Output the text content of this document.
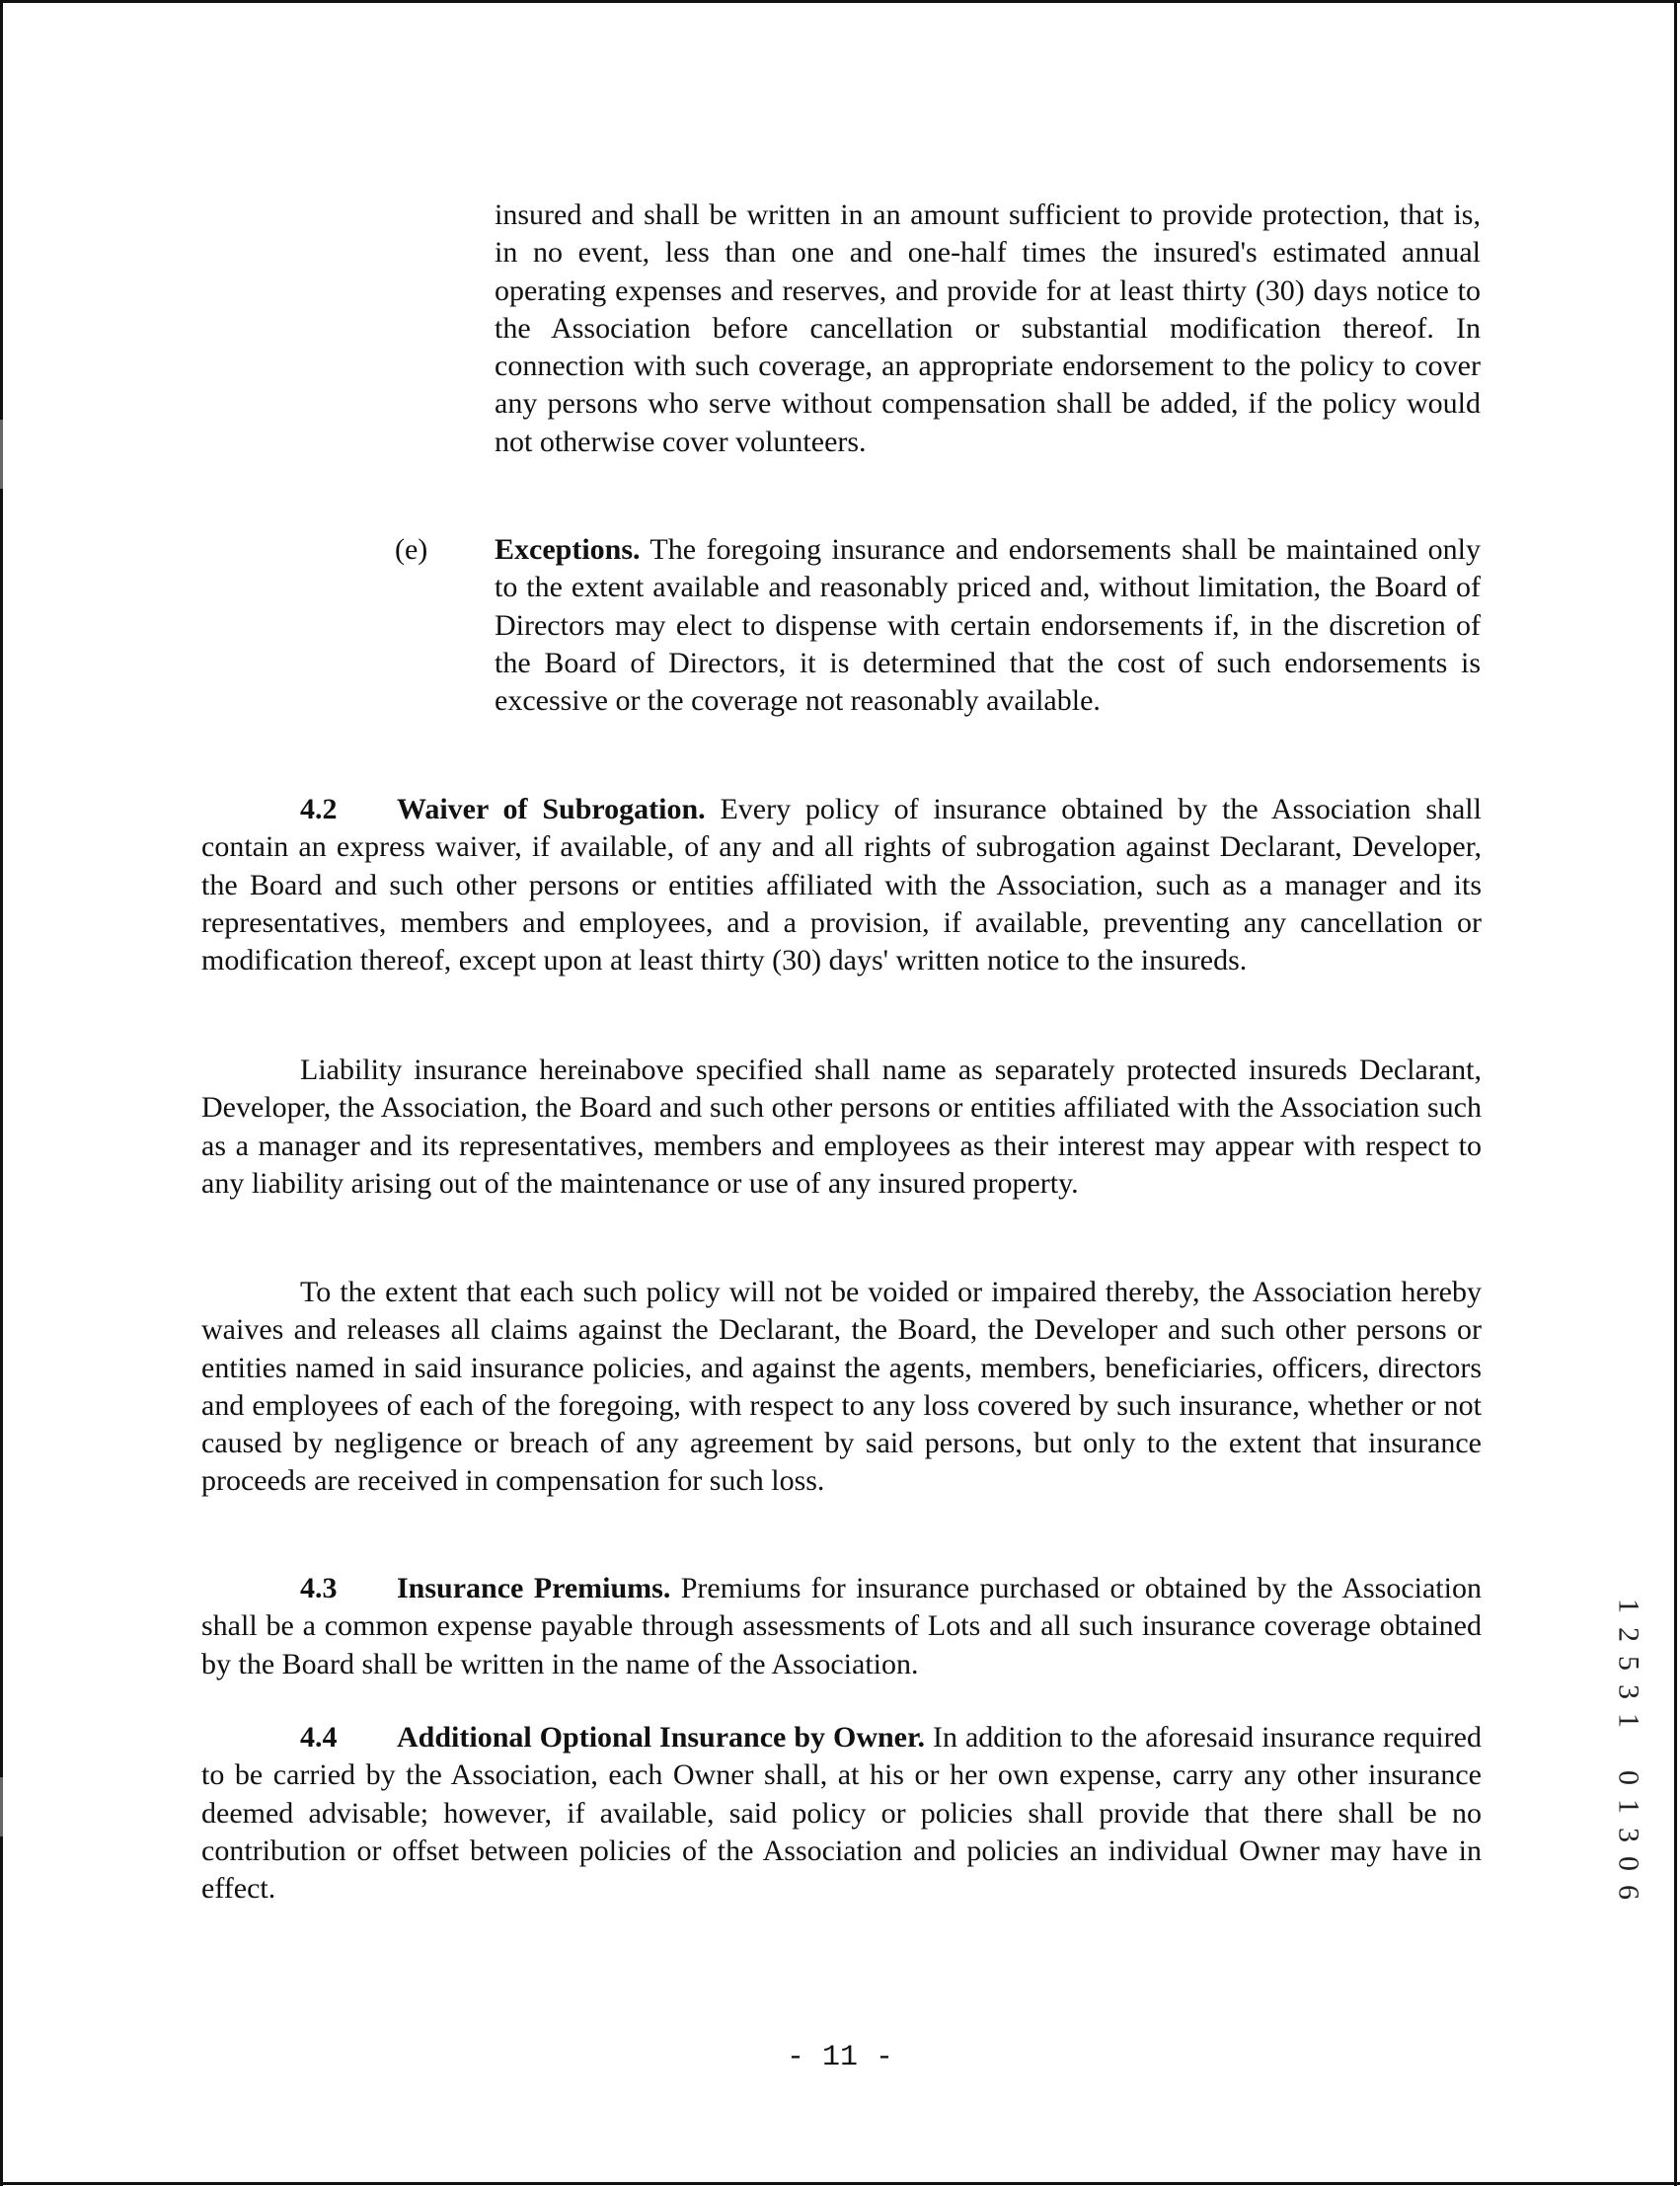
insured and shall be written in an amount sufficient to provide protection, that is, in no event, less than one and one-half times the insured's estimated annual operating expenses and reserves, and provide for at least thirty (30) days notice to the Association before cancellation or substantial modification thereof. In connection with such coverage, an appropriate endorsement to the policy to cover any persons who serve without compensation shall be added, if the policy would not otherwise cover volunteers.

(e) Exceptions. The foregoing insurance and endorsements shall be maintained only to the extent available and reasonably priced and, without limitation, the Board of Directors may elect to dispense with certain endorsements if, in the discretion of the Board of Directors, it is determined that the cost of such endorsements is excessive or the coverage not reasonably available.

4.2 Waiver of Subrogation. Every policy of insurance obtained by the Association shall contain an express waiver, if available, of any and all rights of subrogation against Declarant, Developer, the Board and such other persons or entities affiliated with the Association, such as a manager and its representatives, members and employees, and a provision, if available, preventing any cancellation or modification thereof, except upon at least thirty (30) days' written notice to the insureds.

Liability insurance hereinabove specified shall name as separately protected insureds Declarant, Developer, the Association, the Board and such other persons or entities affiliated with the Association such as a manager and its representatives, members and employees as their interest may appear with respect to any liability arising out of the maintenance or use of any insured property.

To the extent that each such policy will not be voided or impaired thereby, the Association hereby waives and releases all claims against the Declarant, the Board, the Developer and such other persons or entities named in said insurance policies, and against the agents, members, beneficiaries, officers, directors and employees of each of the foregoing, with respect to any loss covered by such insurance, whether or not caused by negligence or breach of any agreement by said persons, but only to the extent that insurance proceeds are received in compensation for such loss.

4.3 Insurance Premiums. Premiums for insurance purchased or obtained by the Association shall be a common expense payable through assessments of Lots and all such insurance coverage obtained by the Board shall be written in the name of the Association.

4.4 Additional Optional Insurance by Owner. In addition to the aforesaid insurance required to be carried by the Association, each Owner shall, at his or her own expense, carry any other insurance deemed advisable; however, if available, said policy or policies shall provide that there shall be no contribution or offset between policies of the Association and policies an individual Owner may have in effect.

- 11 -
1
2
5
3
1
0
1
3
0
6
